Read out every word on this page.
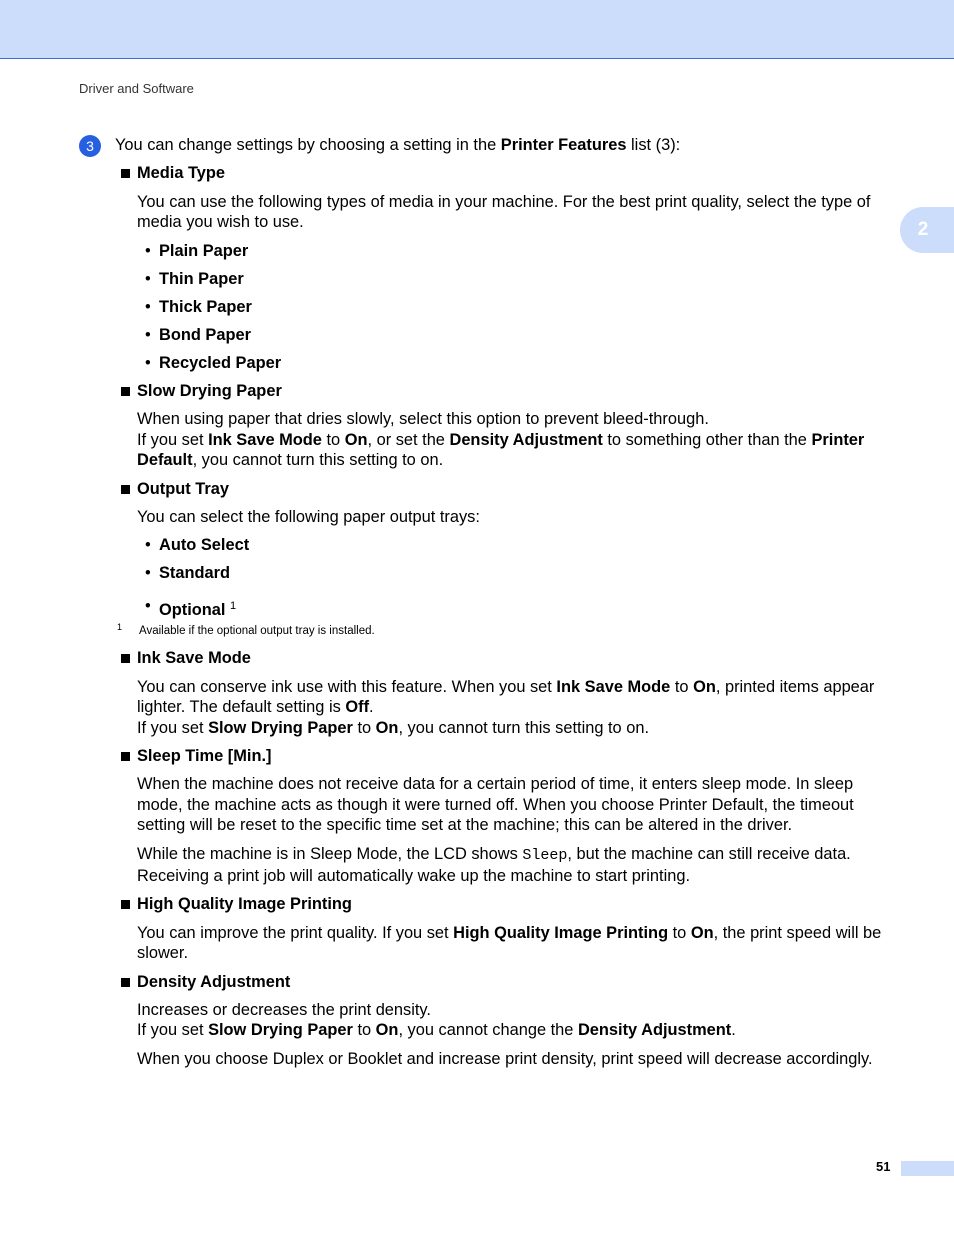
Driver and Software
2
3	You can change settings by choosing a setting in the Printer Features list (3):
Media Type

You can use the following types of media in your machine. For the best print quality, select the type of media you wish to use.

• Plain Paper
• Thin Paper
• Thick Paper
• Bond Paper
• Recycled Paper
Slow Drying Paper

When using paper that dries slowly, select this option to prevent bleed-through.
If you set Ink Save Mode to On, or set the Density Adjustment to something other than the Printer Default, you cannot turn this setting to on.

Output Tray

You can select the following paper output trays:

• Auto Select
• Standard
• Optional $^1$
1 Available if the optional output tray is installed.
Ink Save Mode

You can conserve ink use with this feature. When you set Ink Save Mode to On, printed items appear lighter. The default setting is Off.
If you set Slow Drying Paper to On, you cannot turn this setting to on.

Sleep Time [Min.]

When the machine does not receive data for a certain period of time, it enters sleep mode. In sleep mode, the machine acts as though it were turned off. When you choose Printer Default, the timeout setting will be reset to the specific time set at the machine; this can be altered in the driver.

While the machine is in Sleep Mode, the LCD shows Sleep, but the machine can still receive data. Receiving a print job will automatically wake up the machine to start printing.

High Quality Image Printing

You can improve the print quality. If you set High Quality Image Printing to On, the print speed will be slower.

Density Adjustment

Increases or decreases the print density.
If you set Slow Drying Paper to On, you cannot change the Density Adjustment.

When you choose Duplex or Booklet and increase print density, print speed will decrease accordingly.

51
